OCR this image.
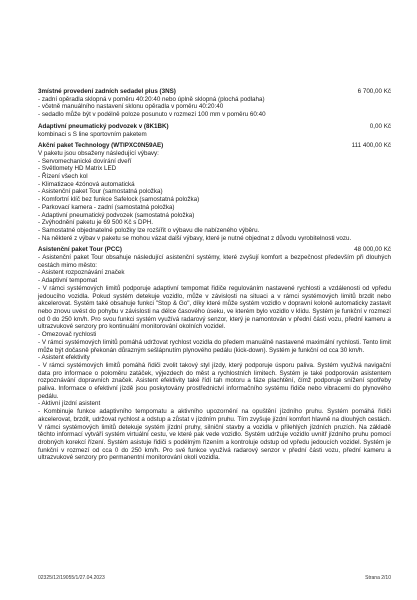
3místné provedení zadních sedadel plus (3NS)	6 700,00 Kč
- zadní opěradla sklopná v poměru 40:20:40 nebo úplně sklopná (plochá podlaha)
- včetně manuálního nastavení sklonu opěradla v poměru 40:20:40
- sedadlo může být v podélně poloze posunuto v rozmezí 100 mm v poměru 60:40
Adaptivní pneumatický podvozek v (8K1BK)	0,00 Kč
kombinaci s S line sportovním paketem
Akční paket Technology (WTIPXC0N59AE)	111 400,00 Kč
V paketu jsou obsaženy následující výbavy:
- Servomechanické dovírání dveří
- Světlomety HD Matrix LED
- Řízení všech kol
- Klimatizace 4zónová automatická
- Asistenční paket Tour (samostatná položka)
- Komfortní klíč bez funkce Safelock (samostatná položka)
- Parkovací kamera - zadní (samostatná položka)
- Adaptivní pneumatický podvozek (samostatná položka)
- Zvýhodnění paketu je 69 500 Kč s DPH.
- Samostatné objednatelné položky lze rozšířit o výbavu dle nabízeného výběru.
- Na některé z výbav v paketu se mohou vázat další výbavy, které je nutné objednat z důvodu vyrobitelnosti vozu.
Asistenční paket Tour (PCC)	48 000,00 Kč
- Asistenční paket Tour obsahuje následující asistenční systémy, které zvyšují komfort a bezpečnost především při dlouhých cestách mimo město:
- Asistent rozpoznávání značek
- Adaptivní tempomat
- V rámci systémových limitů podporuje adaptivní tempomat řidiče regulováním nastavené rychlosti a vzdálenosti od vpředu jedoucího vozidla. Pokud systém detekuje vozidlo, může v závislosti na situaci a v rámci systémových limitů brzdit nebo akcelerovat. Systém také obsahuje funkci "Stop & Go", díky které může systém vozidlo v dopravní koloně automaticky zastavit nebo znovu uvést do pohybu v závislosti na délce časového úseku, ve kterém bylo vozidlo v klidu. Systém je funkční v rozmezí od 0 do 250 km/h. Pro svou funkci systém využívá radarový senzor, který je namontován v přední části vozu, přední kameru a ultrazvukové senzory pro kontinuální monitorování okolních vozidel.
- Omezovač rychlosti
- V rámci systémových limitů pomáhá udržovat rychlost vozidla do předem manuálně nastavené maximální rychlosti. Tento limit může být dočasně překonán důrazným sešlápnutím plynového pedálu (kick-down). Systém je funkční od cca 30 km/h.
- Asistent efektivity
- V rámci systémových limitů pomáhá řidiči zvolit takový styl jízdy, který podporuje úsporu paliva. Systém využívá navigační data pro informace o poloměru zatáček, výjezdech do měst a rychlostních limitech. Systém je také podporován asistentem rozpoznávání dopravních značek. Asistent efektivity také řídí tah motoru a fáze plachtění, čímž podporuje snížení spotřeby paliva. Informace o efektivní jízdě jsou poskytovány prostřednictví informačního systému řidiče nebo vibracemi do plynového pedálu.
- Aktivní jízdní asistent
- Kombinuje funkce adaptivního tempomatu a aktivního upozornění na opuštění jízdního pruhu. Systém pomáhá řidiči akcelerovat, brzdit, udržovat rychlost a odstup a zůstat v jízdním pruhu. Tím zvyšuje jízdní komfort hlavně na dlouhých cestách. V rámci systémových limitů detekuje systém jízdní pruhy, silniční stavby a vozidla v přilehlých jízdních pruzích. Na základě těchto informací vytváří systém virtuální cestu, ve které pak vede vozidlo. Systém udržuje vozidlo uvnitř jízdního pruhu pomocí drobných korekcí řízení. Systém asistuje řidiči s podélným řízením a kontroluje odstup od vpředu jedoucích vozidel. Systém je funkční v rozmezí od cca 0 do 250 km/h. Pro své funkce využívá radarový senzor v přední části vozu, přední kameru a ultrazvukové senzory pro permanentní monitorování okolí vozidla.
02325/12/19055/1/27.04.2023	Strana 2/10
